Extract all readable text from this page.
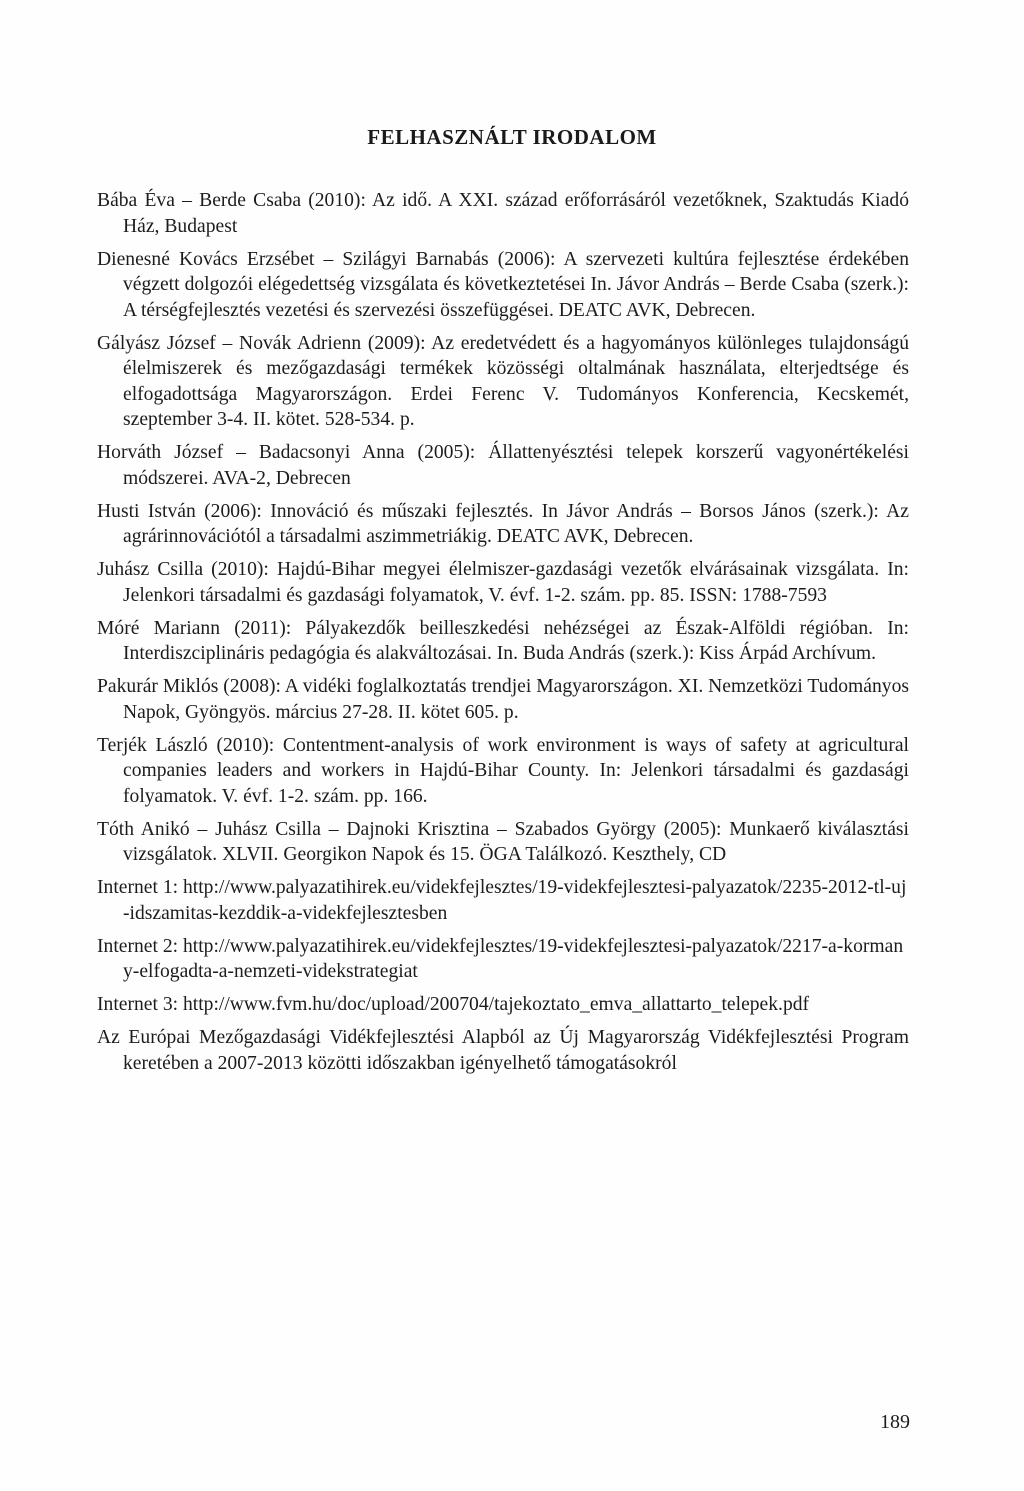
FELHASZNÁLT IRODALOM
Bába Éva – Berde Csaba (2010): Az idő. A XXI. század erőforrásáról vezetőknek, Szaktudás Kiadó Ház, Budapest
Dienesné Kovács Erzsébet – Szilágyi Barnabás (2006): A szervezeti kultúra fejlesztése érdekében végzett dolgozói elégedettség vizsgálata és következtetései In. Jávor András – Berde Csaba (szerk.): A térségfejlesztés vezetési és szervezési összefüggései. DEATC AVK, Debrecen.
Gályász József – Novák Adrienn (2009): Az eredetvédett és a hagyományos különleges tulajdonságú élelmiszerek és mezőgazdasági termékek közösségi oltalmának használata, elterjedtsége és elfogadottsága Magyarországon. Erdei Ferenc V. Tudományos Konferencia, Kecskemét, szeptember 3-4. II. kötet. 528-534. p.
Horváth József – Badacsonyi Anna (2005): Állattenyésztési telepek korszerű vagyonértékelési módszerei. AVA-2, Debrecen
Husti István (2006): Innováció és műszaki fejlesztés. In Jávor András – Borsos János (szerk.): Az agrárinnovációtól a társadalmi aszimmetriákig. DEATC AVK, Debrecen.
Juhász Csilla (2010): Hajdú-Bihar megyei élelmiszer-gazdasági vezetők elvárásainak vizsgálata. In: Jelenkori társadalmi és gazdasági folyamatok, V. évf. 1-2. szám. pp. 85. ISSN: 1788-7593
Móré Mariann (2011): Pályakezdők beilleszkedési nehézségei az Észak-Alföldi régióban. In: Interdiszciplináris pedagógia és alakváltozásai. In. Buda András (szerk.): Kiss Árpád Archívum.
Pakurár Miklós (2008): A vidéki foglalkoztatás trendjei Magyarországon. XI. Nemzetközi Tudományos Napok, Gyöngyös. március 27-28. II. kötet 605. p.
Terjék László (2010): Contentment-analysis of work environment is ways of safety at agricultural companies leaders and workers in Hajdú-Bihar County. In: Jelenkori társadalmi és gazdasági folyamatok. V. évf. 1-2. szám. pp. 166.
Tóth Anikó – Juhász Csilla – Dajnoki Krisztina – Szabados György (2005): Munkaerő kiválasztási vizsgálatok. XLVII. Georgikon Napok és 15. ÖGA Találkozó. Keszthely, CD
Internet 1: http://www.palyazatihirek.eu/videkfejlesztes/19-videkfejlesztesi-palyazatok/2235-2012-tl-uj-idszamitas-kezddik-a-videkfejlesztesben
Internet 2: http://www.palyazatihirek.eu/videkfejlesztes/19-videkfejlesztesi-palyazatok/2217-a-kormany-elfogadta-a-nemzeti-videkstrategiat
Internet 3: http://www.fvm.hu/doc/upload/200704/tajekoztato_emva_allattarto_telepek.pdf
Az Európai Mezőgazdasági Vidékfejlesztési Alapból az Új Magyarország Vidékfejlesztési Program keretében a 2007-2013 közötti időszakban igényelhető támogatásokról
189
